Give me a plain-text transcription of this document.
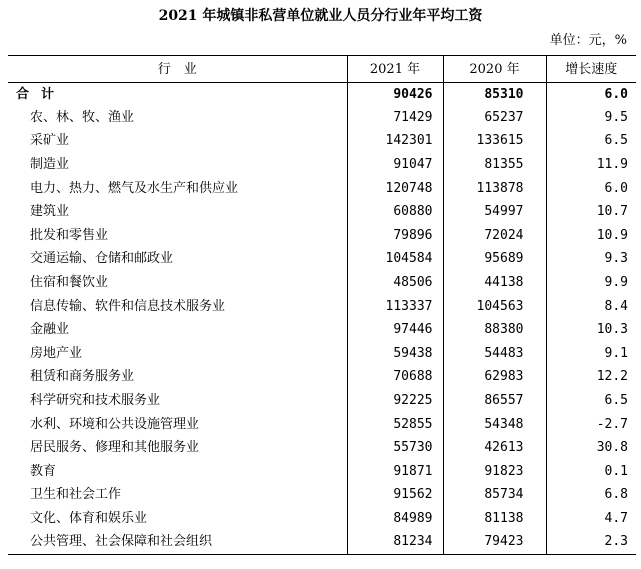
2021 年城镇非私营单位就业人员分行业年平均工资
单位：元，%
行　业	2021 年	2020 年	增长速度
合计	90426	85310	6.0
农、林、牧、渔业	71429	65237	9.5
采矿业	142301	133615	6.5
制造业	91047	81355	11.9
电力、热力、燃气及水生产和供应业	120748	113878	6.0
建筑业	60880	54997	10.7
批发和零售业	79896	72024	10.9
交通运输、仓储和邮政业	104584	95689	9.3
住宿和餐饮业	48506	44138	9.9
信息传输、软件和信息技术服务业	113337	104563	8.4
金融业	97446	88380	10.3
房地产业	59438	54483	9.1
租赁和商务服务业	70688	62983	12.2
科学研究和技术服务业	92225	86557	6.5
水利、环境和公共设施管理业	52855	54348	-2.7
居民服务、修理和其他服务业	55730	42613	30.8
教育	91871	91823	0.1
卫生和社会工作	91562	85734	6.8
文化、体育和娱乐业	84989	81138	4.7
公共管理、社会保障和社会组织	81234	79423	2.3
